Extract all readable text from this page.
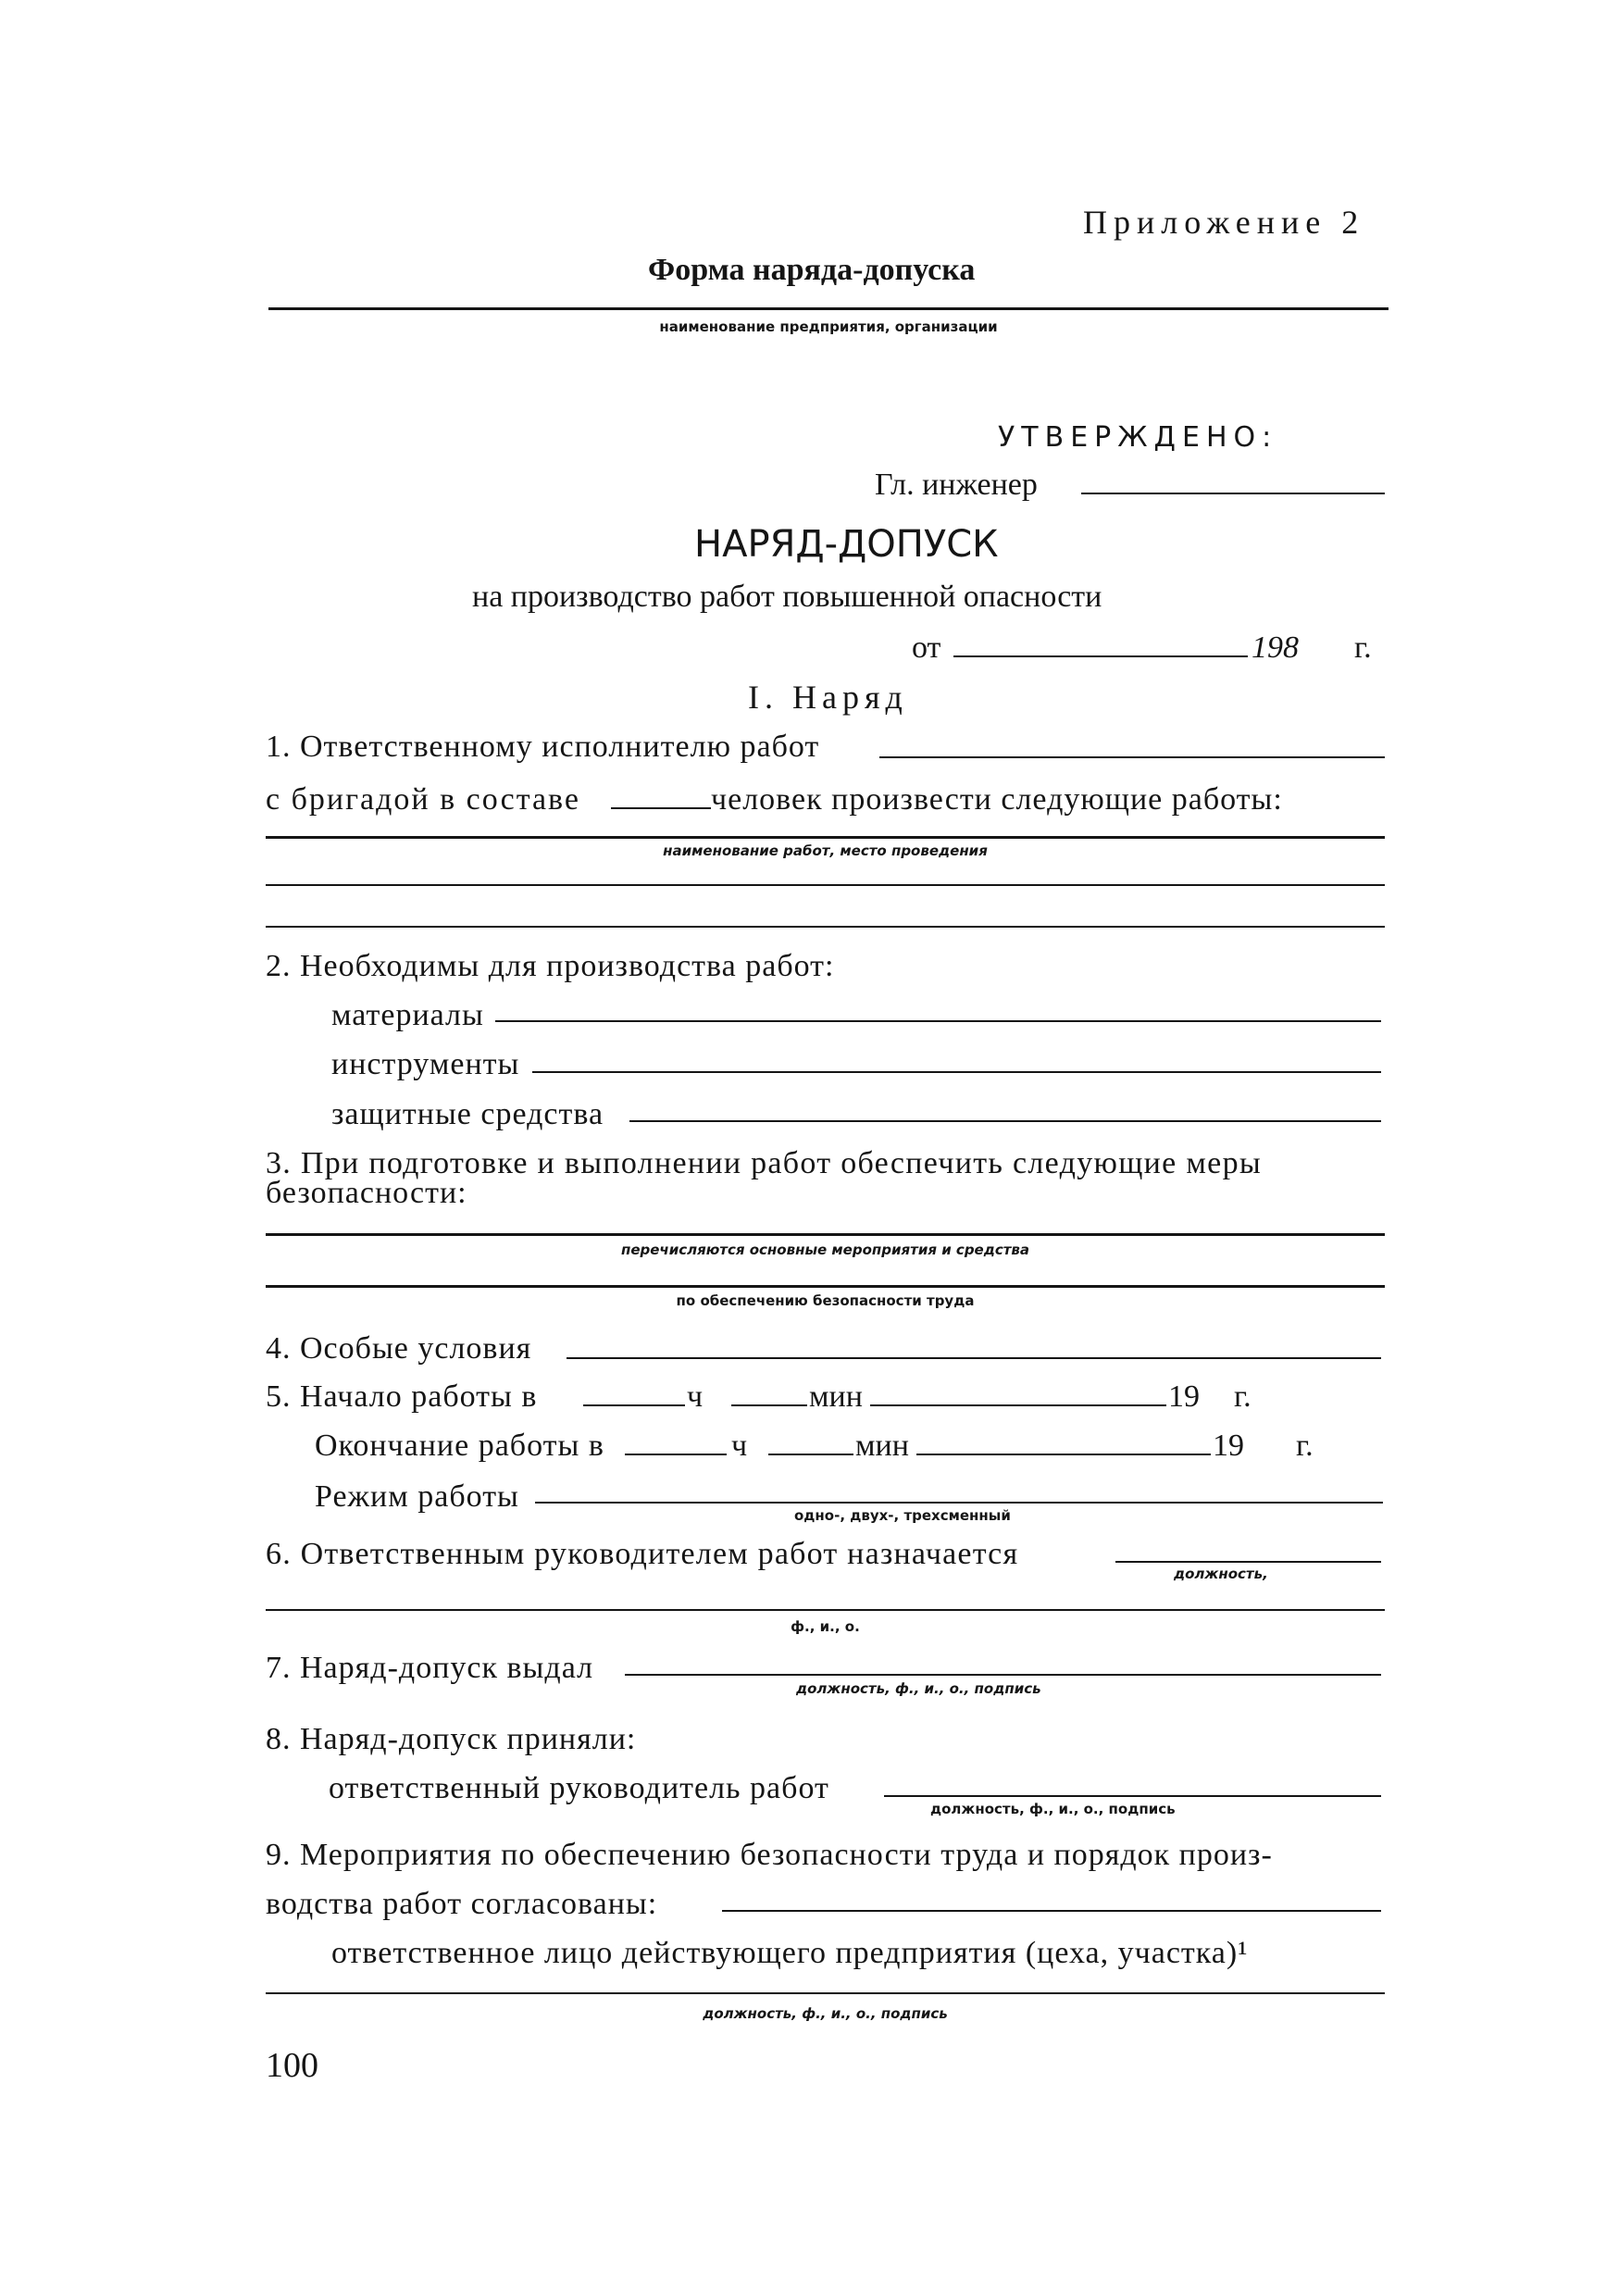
Приложение 2
Форма наряда-допуска
наименование предприятия, организации
УТВЕРЖДЕНО:
Гл. инженер
НАРЯД-ДОПУСК
на производство работ повышенной опасности
от	198 г.
I. Наряд
1. Ответственному исполнителю работ
с бригадой в составе	человек произвести следующие работы:
наименование работ, место проведения
2. Необходимы для производства работ:
материалы
инструменты
защитные средства
3. При подготовке и выполнении работ обеспечить следующие меры
безопасности:
перечисляются основные мероприятия и средства
по обеспечению безопасности труда
4. Особые условия
5. Начало работы в	ч	мин	19 г.
Окончание работы в	ч	мин	19 г.
Режим работы
одно-, двух-, трехсменный
6. Ответственным руководителем работ назначается
должность,
ф., и., о.
7. Наряд-допуск выдал
должность, ф., и., о., подпись
8. Наряд-допуск приняли:
ответственный руководитель работ
должность, ф., и., о., подпись
9. Мероприятия по обеспечению безопасности труда и порядок произ-
водства работ согласованы:
ответственное лицо действующего предприятия (цеха, участка)¹
должность, ф., и., о., подпись
100
